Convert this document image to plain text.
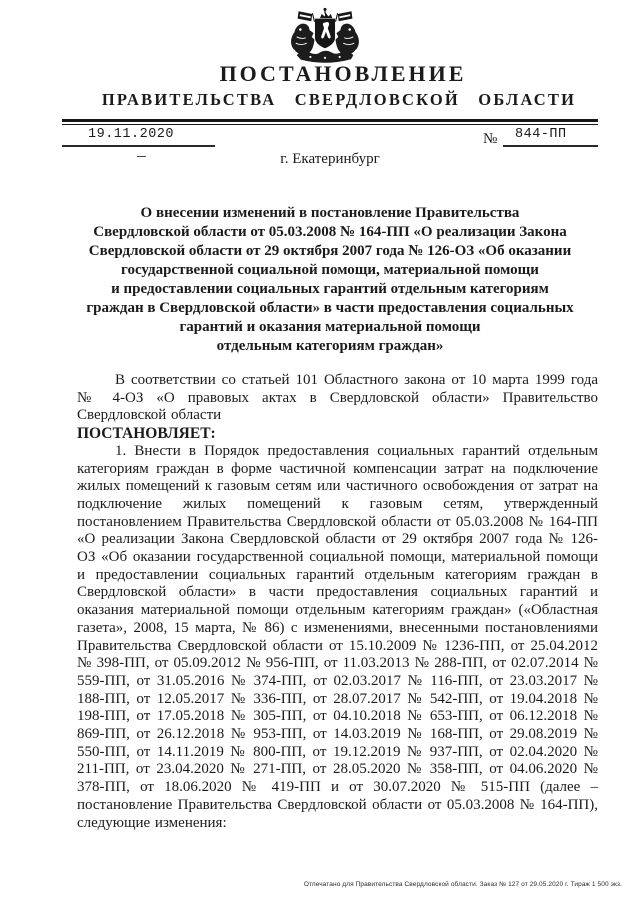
ПОСТАНОВЛЕНИЕ
ПРАВИТЕЛЬСТВА СВЕРДЛОВСКОЙ ОБЛАСТИ
19.11.2020	№	844-ПП
г. Екатеринбург
О внесении изменений в постановление Правительства
Свердловской области от 05.03.2008 № 164-ПП «О реализации Закона
Свердловской области от 29 октября 2007 года № 126-ОЗ «Об оказании
государственной социальной помощи, материальной помощи
и предоставлении социальных гарантий отдельным категориям
граждан в Свердловской области» в части предоставления социальных
гарантий и оказания материальной помощи
отдельным категориям граждан»

В соответствии со статьей 101 Областного закона от 10 марта 1999 года № 4-ОЗ «О правовых актах в Свердловской области» Правительство Свердловской области

ПОСТАНОВЛЯЕТ:

1. Внести в Порядок предоставления социальных гарантий отдельным категориям граждан в форме частичной компенсации затрат на подключение жилых помещений к газовым сетям или частичного освобождения от затрат на подключение жилых помещений к газовым сетям, утвержденный постановлением Правительства Свердловской области от 05.03.2008 № 164-ПП «О реализации Закона Свердловской области от 29 октября 2007 года № 126-ОЗ «Об оказании государственной социальной помощи, материальной помощи и предоставлении социальных гарантий отдельным категориям граждан в Свердловской области» в части предоставления социальных гарантий и оказания материальной помощи отдельным категориям граждан» («Областная газета», 2008, 15 марта, № 86) с изменениями, внесенными постановлениями Правительства Свердловской области от 15.10.2009 № 1236-ПП, от 25.04.2012 № 398-ПП, от 05.09.2012 № 956-ПП, от 11.03.2013 № 288-ПП, от 02.07.2014 № 559-ПП, от 31.05.2016 № 374-ПП, от 02.03.2017 № 116-ПП, от 23.03.2017 № 188-ПП, от 12.05.2017 № 336-ПП, от 28.07.2017 № 542-ПП, от 19.04.2018 № 198-ПП, от 17.05.2018 № 305-ПП, от 04.10.2018 № 653-ПП, от 06.12.2018 № 869-ПП, от 26.12.2018 № 953-ПП, от 14.03.2019 № 168-ПП, от 29.08.2019 № 550-ПП, от 14.11.2019 № 800-ПП, от 19.12.2019 № 937-ПП, от 02.04.2020 № 211-ПП, от 23.04.2020 № 271-ПП, от 28.05.2020 № 358-ПП, от 04.06.2020 № 378-ПП, от 18.06.2020 № 419-ПП и от 30.07.2020 № 515-ПП (далее – постановление Правительства Свердловской области от 05.03.2008 № 164-ПП), следующие изменения:

Отпечатано для Правительства Свердловской области. Заказ № 127 от 29.05.2020 г. Тираж 1 500 экз.
